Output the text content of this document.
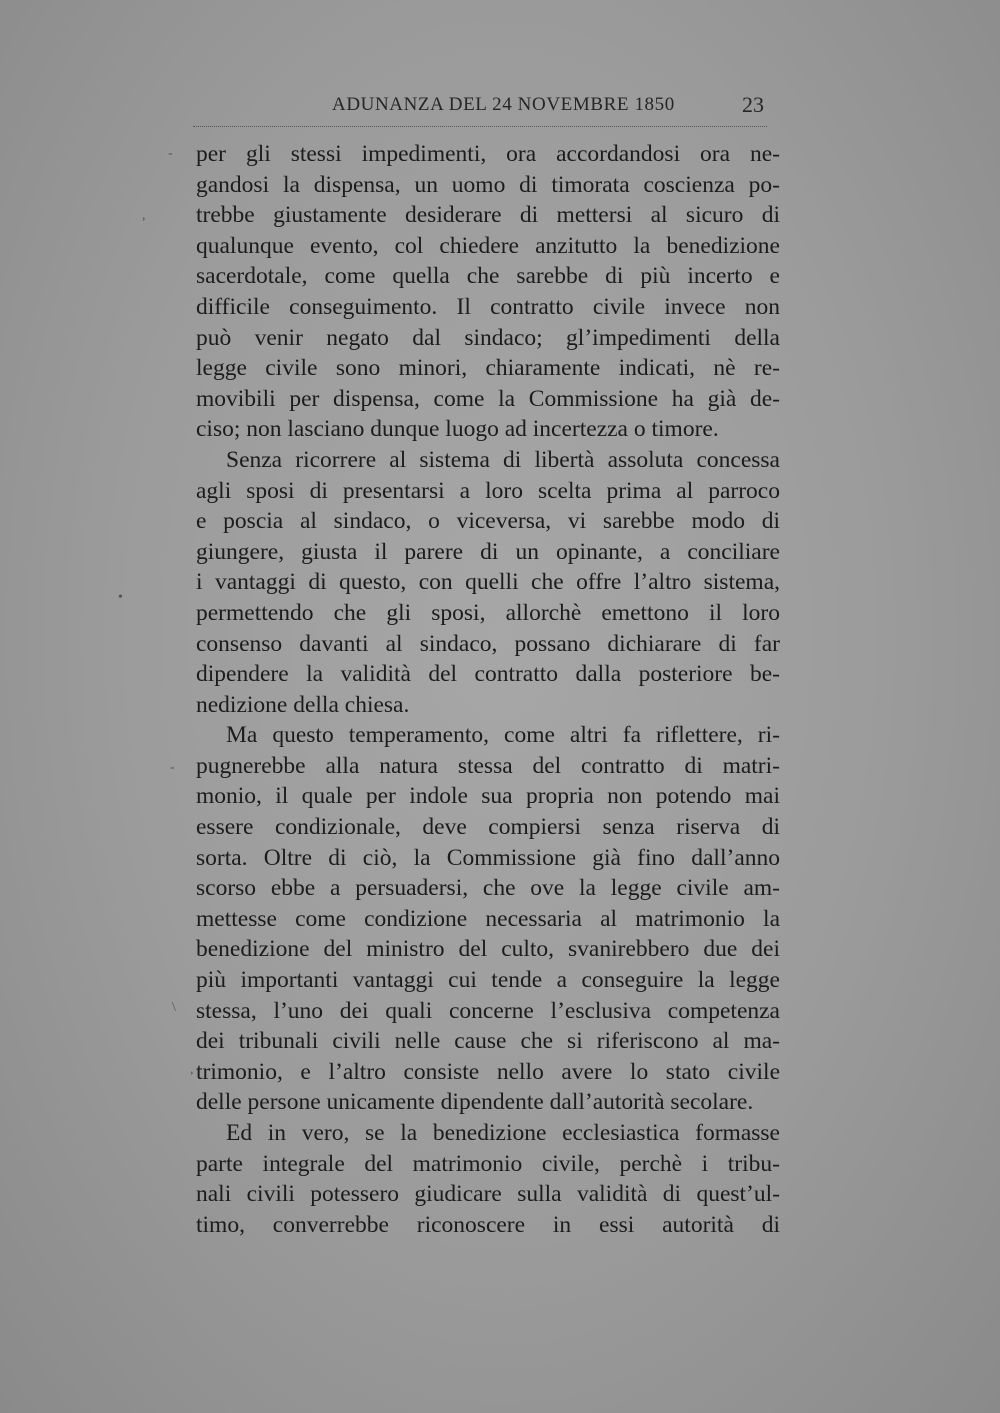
ADUNANZA DEL 24 NOVEMBRE 1850	23
-
,
•
-
\
,
per gli stessi impedimenti, ora accordandosi ora ne-
gandosi la dispensa, un uomo di timorata coscienza po-
trebbe giustamente desiderare di mettersi al sicuro di
qualunque evento, col chiedere anzitutto la benedizione
sacerdotale, come quella che sarebbe di più incerto e
difficile conseguimento. Il contratto civile invece non
può venir negato dal sindaco; gl’impedimenti della
legge civile sono minori, chiaramente indicati, nè re-
movibili per dispensa, come la Commissione ha già de-
ciso; non lasciano dunque luogo ad incertezza o timore.
Senza ricorrere al sistema di libertà assoluta concessa
agli sposi di presentarsi a loro scelta prima al parroco
e poscia al sindaco, o viceversa, vi sarebbe modo di
giungere, giusta il parere di un opinante, a conciliare
i vantaggi di questo, con quelli che offre l’altro sistema,
permettendo che gli sposi, allorchè emettono il loro
consenso davanti al sindaco, possano dichiarare di far
dipendere la validità del contratto dalla posteriore be-
nedizione della chiesa.
Ma questo temperamento, come altri fa riflettere, ri-
pugnerebbe alla natura stessa del contratto di matri-
monio, il quale per indole sua propria non potendo mai
essere condizionale, deve compiersi senza riserva di
sorta. Oltre di ciò, la Commissione già fino dall’anno
scorso ebbe a persuadersi, che ove la legge civile am-
mettesse come condizione necessaria al matrimonio la
benedizione del ministro del culto, svanirebbero due dei
più importanti vantaggi cui tende a conseguire la legge
stessa, l’uno dei quali concerne l’esclusiva competenza
dei tribunali civili nelle cause che si riferiscono al ma-
trimonio, e l’altro consiste nello avere lo stato civile
delle persone unicamente dipendente dall’autorità secolare.
Ed in vero, se la benedizione ecclesiastica formasse
parte integrale del matrimonio civile, perchè i tribu-
nali civili potessero giudicare sulla validità di quest’ul-
timo, converrebbe riconoscere in essi autorità di
